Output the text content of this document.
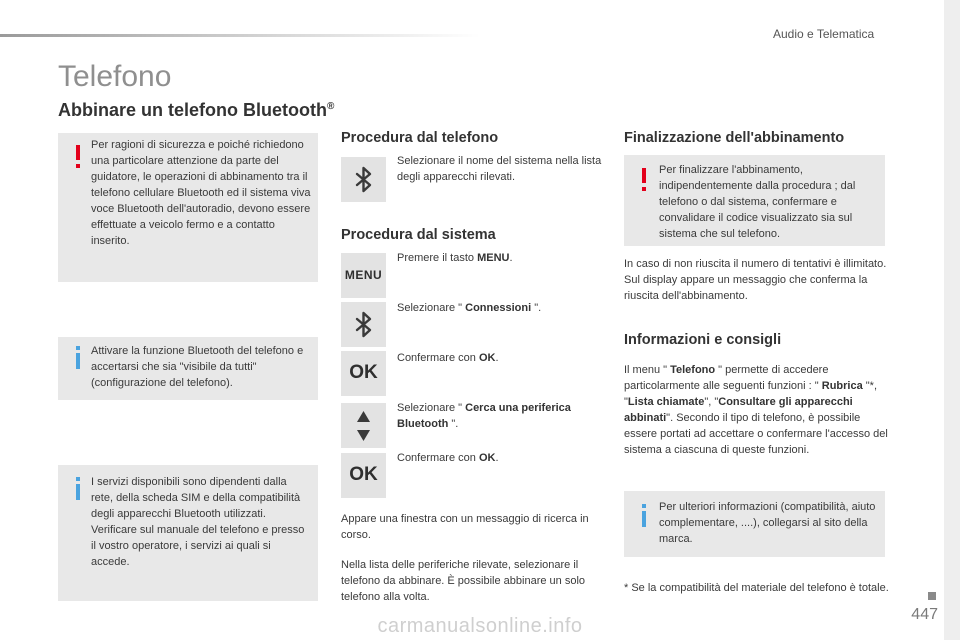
Audio e Telematica
Telefono
Abbinare un telefono Bluetooth®

Per ragioni di sicurezza e poiché richiedono una particolare attenzione da parte del guidatore, le operazioni di abbinamento tra il telefono cellulare Bluetooth ed il sistema viva voce Bluetooth dell'autoradio, devono essere effettuate a veicolo fermo e a contatto inserito.

Attivare la funzione Bluetooth del telefono e accertarsi che sia "visibile da tutti" (configurazione del telefono).

I servizi disponibili sono dipendenti dalla rete, della scheda SIM e della compatibilità degli apparecchi Bluetooth utilizzati. Verificare sul manuale del telefono e presso il vostro operatore, i servizi ai quali si accede.

Procedura dal telefono

Selezionare il nome del sistema nella lista degli apparecchi rilevati.

Procedura dal sistema
MENU

Premere il tasto MENU.

Selezionare " Connessioni ".

OK

Confermare con OK.

Selezionare " Cerca una periferica Bluetooth ".

OK

Confermare con OK.

Appare una finestra con un messaggio di ricerca in corso.

Nella lista delle periferiche rilevate, selezionare il telefono da abbinare. È possibile abbinare un solo telefono alla volta.

Finalizzazione dell'abbinamento

Per finalizzare l'abbinamento, indipendentemente dalla procedura ; dal telefono o dal sistema, confermare e convalidare il codice visualizzato sia sul sistema che sul telefono.

In caso di non riuscita il numero di tentativi è illimitato. Sul display appare un messaggio che conferma la riuscita dell'abbinamento.

Informazioni e consigli

Il menu " Telefono " permette di accedere particolarmente alle seguenti funzioni : " Rubrica "*, "Lista chiamate", "Consultare gli apparecchi abbinati". Secondo il tipo di telefono, è possibile essere portati ad accettare o confermare l'accesso del sistema a ciascuna di queste funzioni.

Per ulteriori informazioni (compatibilità, aiuto complementare, ....), collegarsi al sito della marca.

* Se la compatibilità del materiale del telefono è totale.

447
carmanualsonline.info
